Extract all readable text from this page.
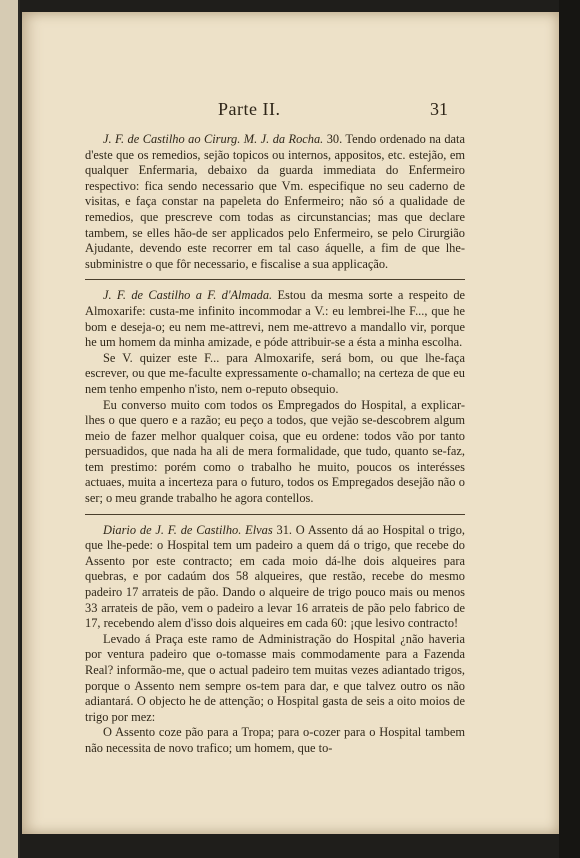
Parte II.	31

J. F. de Castilho ao Cirurg. M. J. da Rocha. 30. Tendo ordenado na data d'este que os remedios, sejão topicos ou internos, appositos, etc. estejão, em qualquer Enfermaria, debaixo da guarda immediata do Enfermeiro respectivo: fica sendo necessario que Vm. especifique no seu caderno de visitas, e faça constar na papeleta do Enfermeiro; não só a qualidade de remedios, que prescreve com todas as circunstancias; mas que declare tambem, se elles hão-de ser applicados pelo Enfermeiro, se pelo Cirurgião Ajudante, devendo este recorrer em tal caso áquelle, a fim de que lhe-subministre o que fôr necessario, e fiscalise a sua applicação.

J. F. de Castilho a F. d'Almada. Estou da mesma sorte a respeito de Almoxarife: custa-me infinito incommodar a V.: eu lembrei-lhe F..., que he bom e deseja-o; eu nem me-attrevi, nem me-attrevo a mandallo vir, porque he um homem da minha amizade, e póde attribuir-se a ésta a minha escolha.

Se V. quizer este F... para Almoxarife, será bom, ou que lhe-faça escrever, ou que me-faculte expressamente o-chamallo; na certeza de que eu nem tenho empenho n'isto, nem o-reputo obsequio.

Eu converso muito com todos os Empregados do Hospital, a explicar-lhes o que quero e a razão; eu peço a todos, que vejão se-descobrem algum meio de fazer melhor qualquer coisa, que eu ordene: todos vão por tanto persuadidos, que nada ha ali de mera formalidade, que tudo, quanto se-faz, tem prestimo: porém como o trabalho he muito, poucos os interésses actuaes, muita a incerteza para o futuro, todos os Empregados desejão não o ser; o meu grande trabalho he agora contellos.

Diario de J. F. de Castilho. Elvas 31. O Assento dá ao Hospital o trigo, que lhe-pede: o Hospital tem um padeiro a quem dá o trigo, que recebe do Assento por este contracto; em cada moio dá-lhe dois alqueires para quebras, e por cadaúm dos 58 alqueires, que restão, recebe do mesmo padeiro 17 arrateis de pão. Dando o alqueire de trigo pouco mais ou menos 33 arrateis de pão, vem o padeiro a levar 16 arrateis de pão pelo fabrico de 17, recebendo alem d'isso dois alqueires em cada 60: ¡que lesivo contracto!

Levado á Praça este ramo de Administração do Hospital ¿não haveria por ventura padeiro que o-tomasse mais commodamente para a Fazenda Real? informão-me, que o actual padeiro tem muitas vezes adiantado trigos, porque o Assento nem sempre os-tem para dar, e que talvez outro os não adiantará. O objecto he de attenção; o Hospital gasta de seis a oito moios de trigo por mez:

O Assento coze pão para a Tropa; para o-cozer para o Hospital tambem não necessita de novo trafico; um homem, que to-
